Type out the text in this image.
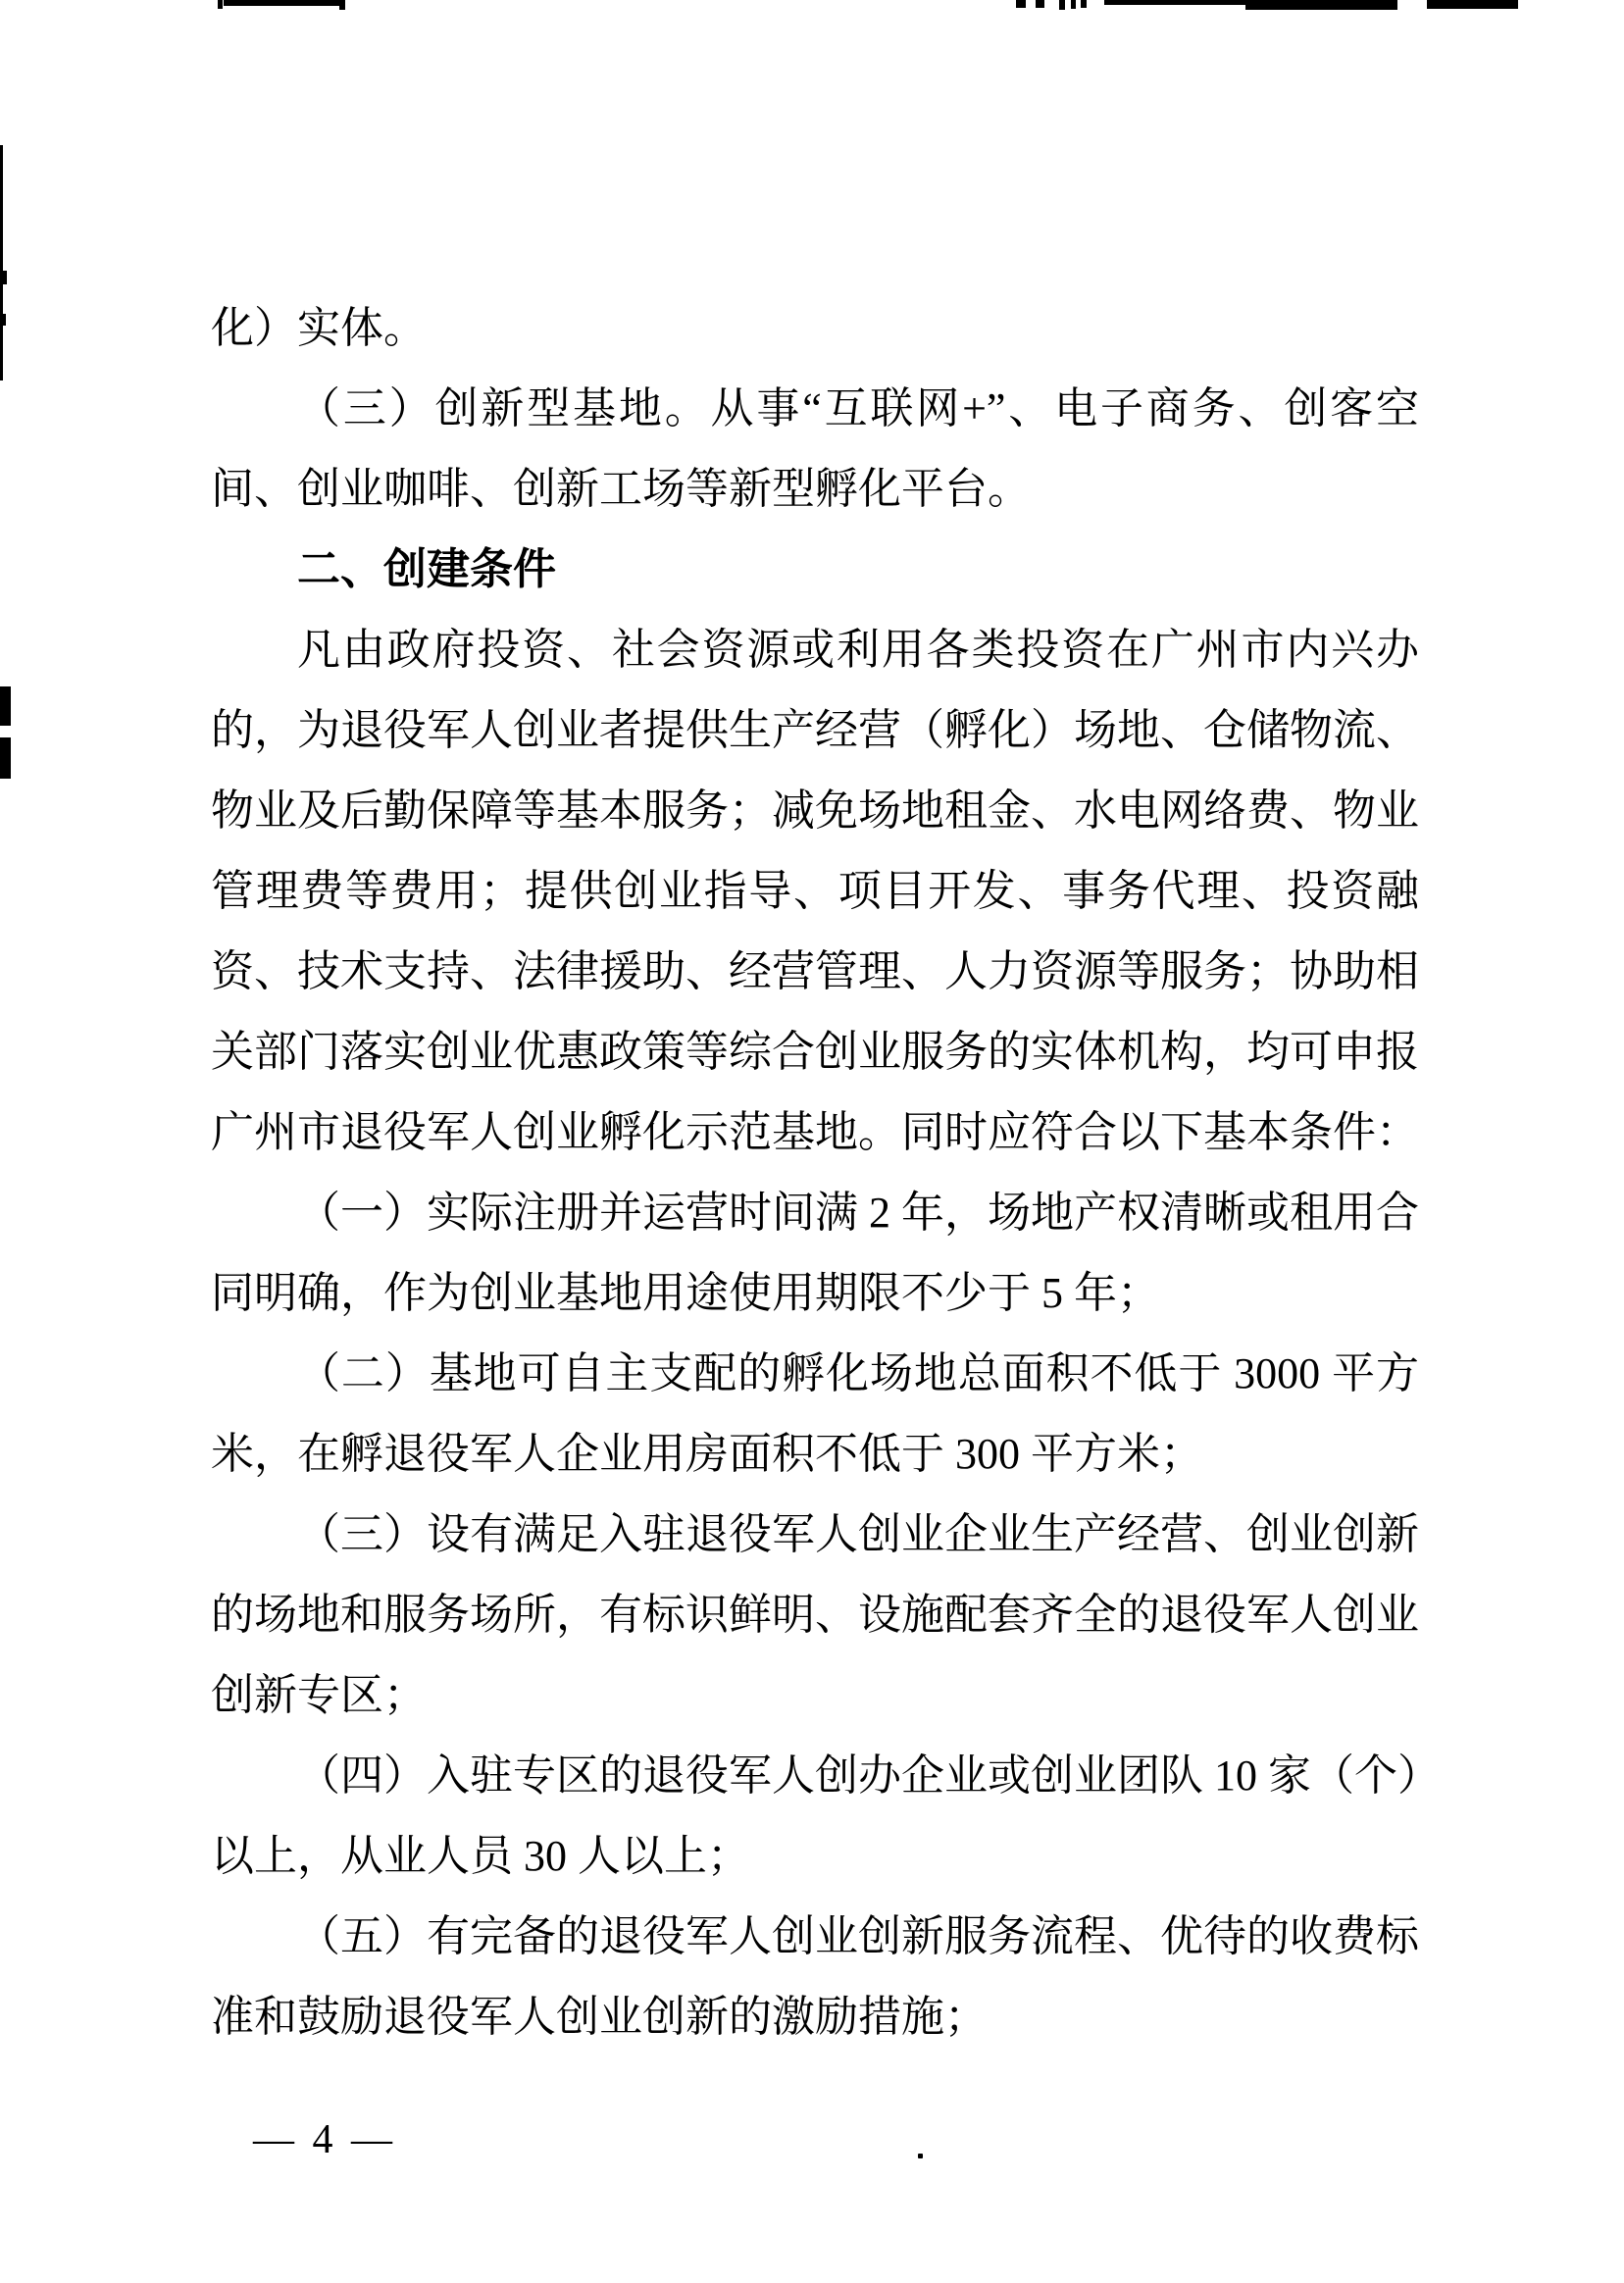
化）实体。

（三）创新型基地。从事“互联网+”、电子商务、创客空间、创业咖啡、创新工场等新型孵化平台。

二、创建条件

凡由政府投资、社会资源或利用各类投资在广州市内兴办的，为退役军人创业者提供生产经营（孵化）场地、仓储物流、物业及后勤保障等基本服务；减免场地租金、水电网络费、物业管理费等费用；提供创业指导、项目开发、事务代理、投资融资、技术支持、法律援助、经营管理、人力资源等服务；协助相关部门落实创业优惠政策等综合创业服务的实体机构，均可申报广州市退役军人创业孵化示范基地。同时应符合以下基本条件：

（一）实际注册并运营时间满 2 年，场地产权清晰或租用合同明确，作为创业基地用途使用期限不少于 5 年；

（二）基地可自主支配的孵化场地总面积不低于 3000 平方米，在孵退役军人企业用房面积不低于 300 平方米；

（三）设有满足入驻退役军人创业企业生产经营、创业创新的场地和服务场所，有标识鲜明、设施配套齐全的退役军人创业创新专区；

（四）入驻专区的退役军人创办企业或创业团队 10 家（个）以上，从业人员 30 人以上；

（五）有完备的退役军人创业创新服务流程、优待的收费标准和鼓励退役军人创业创新的激励措施；

— 4 —
